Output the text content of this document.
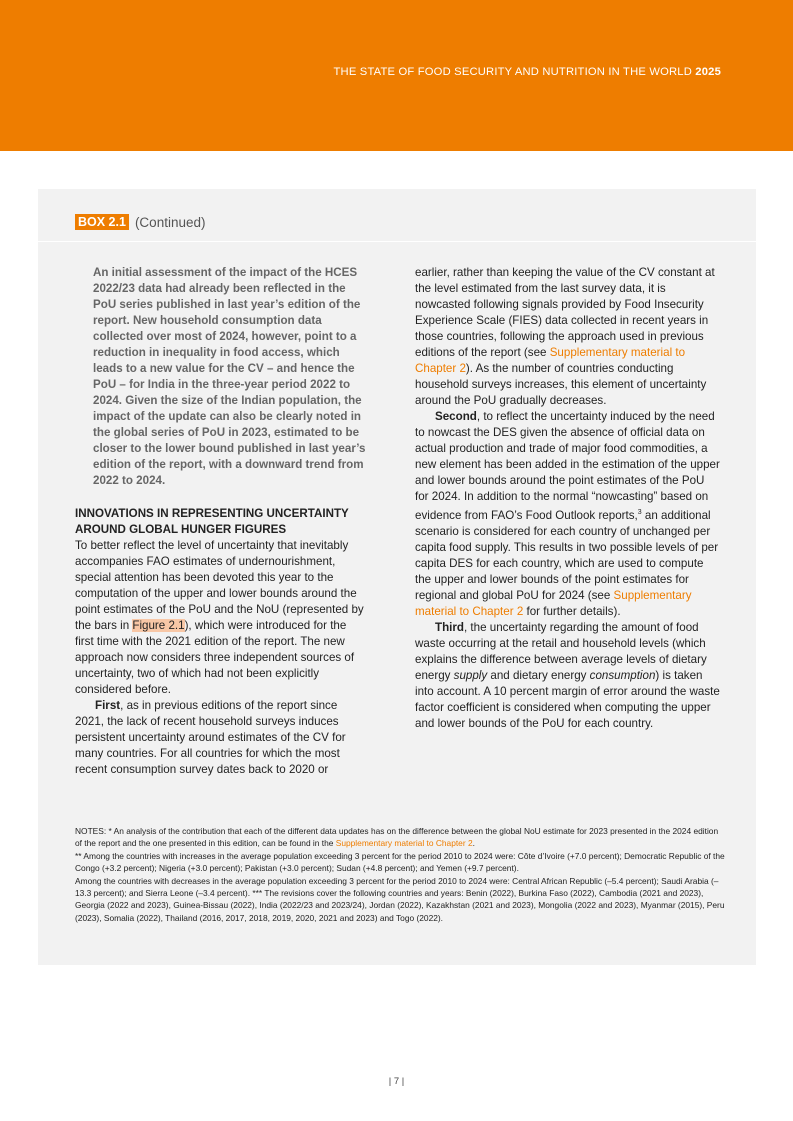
THE STATE OF FOOD SECURITY AND NUTRITION IN THE WORLD 2025
BOX 2.1 (Continued)

An initial assessment of the impact of the HCES 2022/23 data had already been reflected in the PoU series published in last year’s edition of the report. New household consumption data collected over most of 2024, however, point to a reduction in inequality in food access, which leads to a new value for the CV – and hence the PoU – for India in the three-year period 2022 to 2024. Given the size of the Indian population, the impact of the update can also be clearly noted in the global series of PoU in 2023, estimated to be closer to the lower bound published in last year’s edition of the report, with a downward trend from 2022 to 2024.

INNOVATIONS IN REPRESENTING UNCERTAINTY AROUND GLOBAL HUNGER FIGURES

To better reflect the level of uncertainty that inevitably accompanies FAO estimates of undernourishment, special attention has been devoted this year to the computation of the upper and lower bounds around the point estimates of the PoU and the NoU (represented by the bars in Figure 2.1), which were introduced for the first time with the 2021 edition of the report. The new approach now considers three independent sources of uncertainty, two of which had not been explicitly considered before.

First, as in previous editions of the report since 2021, the lack of recent household surveys induces persistent uncertainty around estimates of the CV for many countries. For all countries for which the most recent consumption survey dates back to 2020 or

earlier, rather than keeping the value of the CV constant at the level estimated from the last survey data, it is nowcasted following signals provided by Food Insecurity Experience Scale (FIES) data collected in recent years in those countries, following the approach used in previous editions of the report (see Supplementary material to Chapter 2). As the number of countries conducting household surveys increases, this element of uncertainty around the PoU gradually decreases.

Second, to reflect the uncertainty induced by the need to nowcast the DES given the absence of official data on actual production and trade of major food commodities, a new element has been added in the estimation of the upper and lower bounds around the point estimates of the PoU for 2024. In addition to the normal “nowcasting” based on evidence from FAO’s Food Outlook reports,$^3$ an additional scenario is considered for each country of unchanged per capita food supply. This results in two possible levels of per capita DES for each country, which are used to compute the upper and lower bounds of the point estimates for regional and global PoU for 2024 (see Supplementary material to Chapter 2 for further details).

Third, the uncertainty regarding the amount of food waste occurring at the retail and household levels (which explains the difference between average levels of dietary energy supply and dietary energy consumption) is taken into account. A 10 percent margin of error around the waste factor coefficient is considered when computing the upper and lower bounds of the PoU for each country.

NOTES: * An analysis of the contribution that each of the different data updates has on the difference between the global NoU estimate for 2023 presented in the 2024 edition of the report and the one presented in this edition, can be found in the Supplementary material to Chapter 2.

** Among the countries with increases in the average population exceeding 3 percent for the period 2010 to 2024 were: Côte d’Ivoire (+7.0 percent); Democratic Republic of the Congo (+3.2 percent); Nigeria (+3.0 percent); Pakistan (+3.0 percent); Sudan (+4.8 percent); and Yemen (+9.7 percent).

Among the countries with decreases in the average population exceeding 3 percent for the period 2010 to 2024 were: Central African Republic (–5.4 percent); Saudi Arabia (–13.3 percent); and Sierra Leone (–3.4 percent). *** The revisions cover the following countries and years: Benin (2022), Burkina Faso (2022), Cambodia (2021 and 2023), Georgia (2022 and 2023), Guinea-Bissau (2022), India (2022/23 and 2023/24), Jordan (2022), Kazakhstan (2021 and 2023), Mongolia (2022 and 2023), Myanmar (2015), Peru (2023), Somalia (2022), Thailand (2016, 2017, 2018, 2019, 2020, 2021 and 2023) and Togo (2022).

| 7 |
